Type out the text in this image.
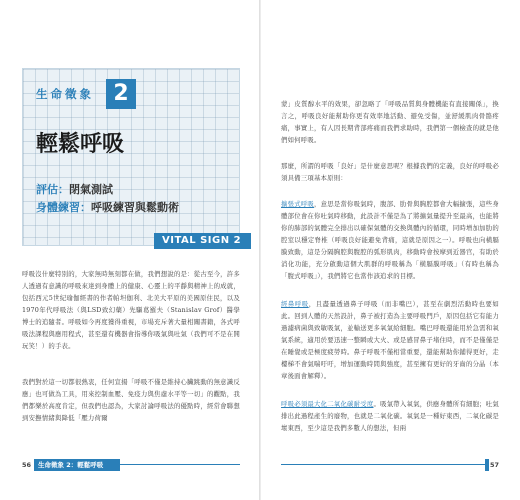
生命徵象 2
輕鬆呼吸
評估：閉氣測試
身體練習：呼吸練習與鬆動術
VITAL SIGN 2

呼吸沒什麼特別的，大家無時無刻都在做，我們想說的是：從古至今，許多人透過有意識的呼吸來達到身體上的健康、心靈上的平靜與精神上的成就，包括西元5世紀瑜伽經書的作者帕坦伽利、北美大平原的美國原住民，以及1970年代呼吸法（與LSD致幻藥）先驅葛羅夫（Stanislav Grof）醫學博士的追隨者。呼吸如今再度獲得重視，市場充斥著大量相關書籍，各式呼吸法課程與應用程式，甚至還有機器會指導你吸氣與吐氣（我們可不是在開玩笑！）的手表。

我們對於這一切都很熱衷，任何宣揚「呼吸不僅是維持心臟跳動的無意識反應」也可做為工具，用來控制血壓、免疫力與焦慮水平等一切」的觀點，我們都樂於高度肯定，但我們也認為，大家討論呼吸法的優點時，經常會聯想到安撫情緒與降低「壓力荷爾

56	生命徵象 2：輕鬆呼吸

蒙」皮質醇水平的效果，卻忽略了「呼吸品質與身體機能有直接關係」，換言之，呼吸良好能幫助你更有效率地活動、避免受傷，並舒緩肌肉骨骼疼痛，事實上，有人因長期背部疼痛而我們求助時，我們第一個檢查的就是他們如何呼吸。

那麼，所謂的呼吸「良好」是什麼意思呢？根據我們的定義，良好的呼吸必須具備三項基本原則：

擴張式呼吸，意思是當你吸氣時，腹部、肋骨與胸腔都會大幅擴張，這些身體部位會在你吐氣時移動，此設計不僅是為了將擴氣量提升至最高，也能將你的肺部的氣體完全排出以確保氣體的交換與體內的循環，同時增加加肋的腔室以穩定脊椎（呼吸良好能避免背痛，這就是原因之一）。呼吸也向橫膈膜致動，這是分隔胸腔與腹腔的弧形肌肉，移動時會按摩到近器官，有助於消化功能，充分啟動這個大肌群的呼吸稱為「橫膈膜呼吸」（有時也稱為「腹式呼吸」），我們將它也當作該追求的目標。

經鼻呼吸，且盡量透過鼻子呼吸（而非嘴巴），甚至在劇烈活動時也要如此。回到人體的天然設計，鼻子被打造為主要呼吸門戶，原因包括它有能力過濾病菌與致敏吸氣，並輸送更多氧氣給細胞。嘴巴呼吸還能用於急需和氧氣系統，適用於要迅速一整瞬或大火、或是感冒鼻子堵住時，而不是僅僅是在睡覺或是極度疲勞時。鼻子呼吸不僅相當重要，還能幫助你鋪得更好，走樓梯不會氣喘吁吁，增加運動時間與強度，甚至擁有更好的牙齒的分晶（本章後面會解釋）。

呼吸必須最大化二氧化碳耐受度。吸氣帶入氧氣，供應身體所有細胞；吐氣排出此過程產生的廢物，也就是二氧化碳。氧氣是一種好東西，二氧化碳是壞東西，至少這是我們多數人的想法，但兩

57
